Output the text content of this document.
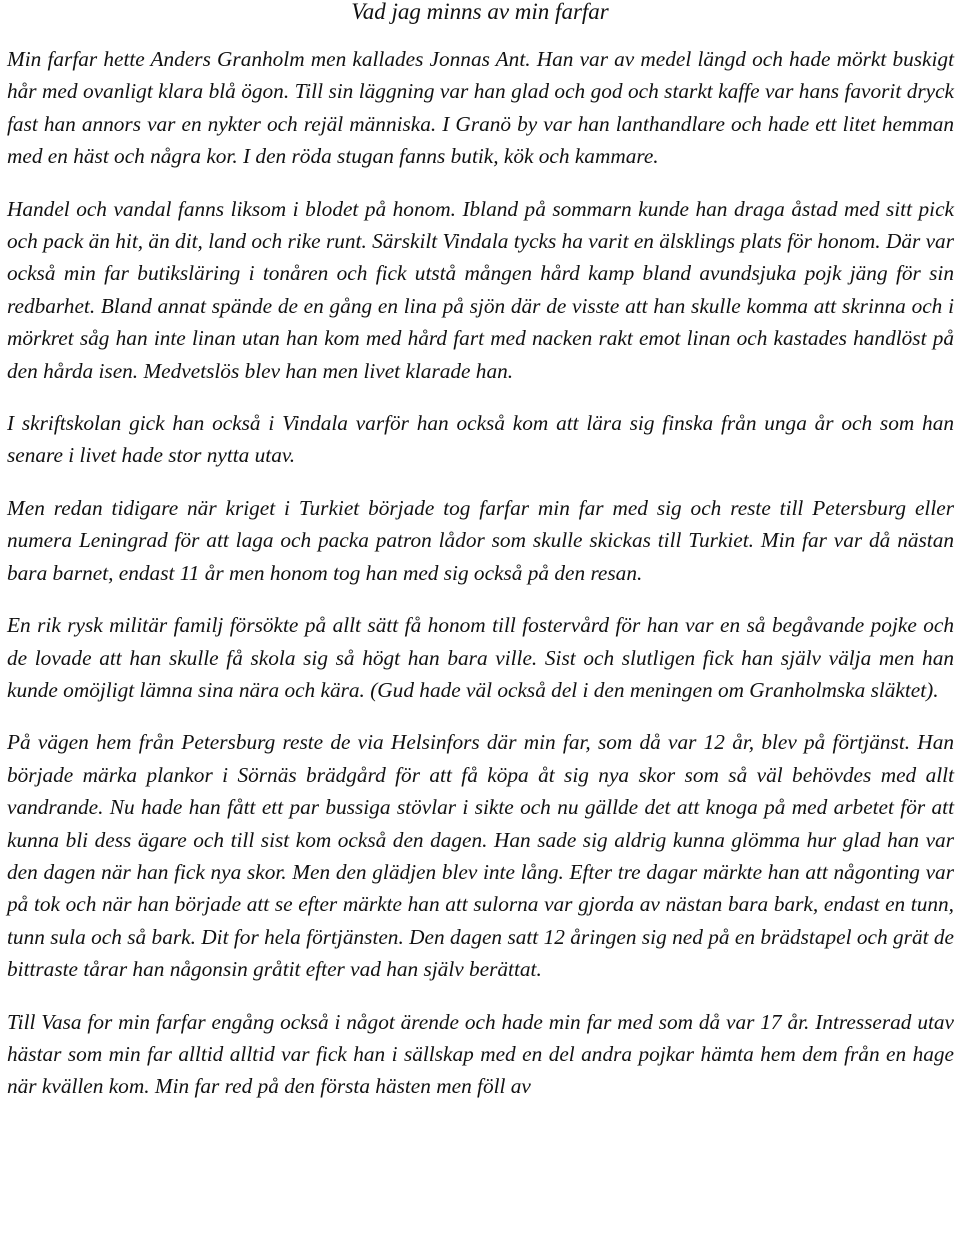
Vad jag minns av min farfar

Min farfar hette Anders Granholm men kallades Jonnas Ant. Han var av medel längd och hade mörkt buskigt hår med ovanligt klara blå ögon. Till sin läggning var han glad och god och starkt kaffe var hans favorit dryck fast han annors var en nykter och rejäl människa. I Granö by var han lanthandlare och hade ett litet hemman med en häst och några kor. I den röda stugan fanns butik, kök och kammare.

Handel och vandal fanns liksom i blodet på honom. Ibland på sommarn kunde han draga åstad med sitt pick och pack än hit, än dit, land och rike runt. Särskilt Vindala tycks ha varit en älsklings plats för honom. Där var också min far butiksläring i tonåren och fick utstå mången hård kamp bland avundsjuka pojk jäng för sin redbarhet. Bland annat spände de en gång en lina på sjön där de visste att han skulle komma att skrinna och i mörkret såg han inte linan utan han kom med hård fart med nacken rakt emot linan och kastades handlöst på den hårda isen. Medvetslös blev han men livet klarade han.

I skriftskolan gick han också i Vindala varför han också kom att lära sig finska från unga år och som han senare i livet hade stor nytta utav.

Men redan tidigare när kriget i Turkiet började tog farfar min far med sig och reste till Petersburg eller numera Leningrad för att laga och packa patron lådor som skulle skickas till Turkiet. Min far var då nästan bara barnet, endast 11 år men honom tog han med sig också på den resan.

En rik rysk militär familj försökte på allt sätt få honom till fostervård för han var en så begåvande pojke och de lovade att han skulle få skola sig så högt han bara ville. Sist och slutligen fick han själv välja men han kunde omöjligt lämna sina nära och kära. (Gud hade väl också del i den meningen om Granholmska släktet).

På vägen hem från Petersburg reste de via Helsinfors där min far, som då var 12 år, blev på förtjänst. Han började märka plankor i Sörnäs brädgård för att få köpa åt sig nya skor som så väl behövdes med allt vandrande. Nu hade han fått ett par bussiga stövlar i sikte och nu gällde det att knoga på med arbetet för att kunna bli dess ägare och till sist kom också den dagen. Han sade sig aldrig kunna glömma hur glad han var den dagen när han fick nya skor. Men den glädjen blev inte lång. Efter tre dagar märkte han att någonting var på tok och när han började att se efter märkte han att sulorna var gjorda av nästan bara bark, endast en tunn, tunn sula och så bark. Dit for hela förtjänsten. Den dagen satt 12 åringen sig ned på en brädstapel och grät de bittraste tårar han någonsin gråtit efter vad han själv berättat.

Till Vasa for min farfar engång också i något ärende och hade min far med som då var 17 år. Intresserad utav hästar som min far alltid alltid var fick han i sällskap med en del andra pojkar hämta hem dem från en hage när kvällen kom. Min far red på den första hästen men föll av
